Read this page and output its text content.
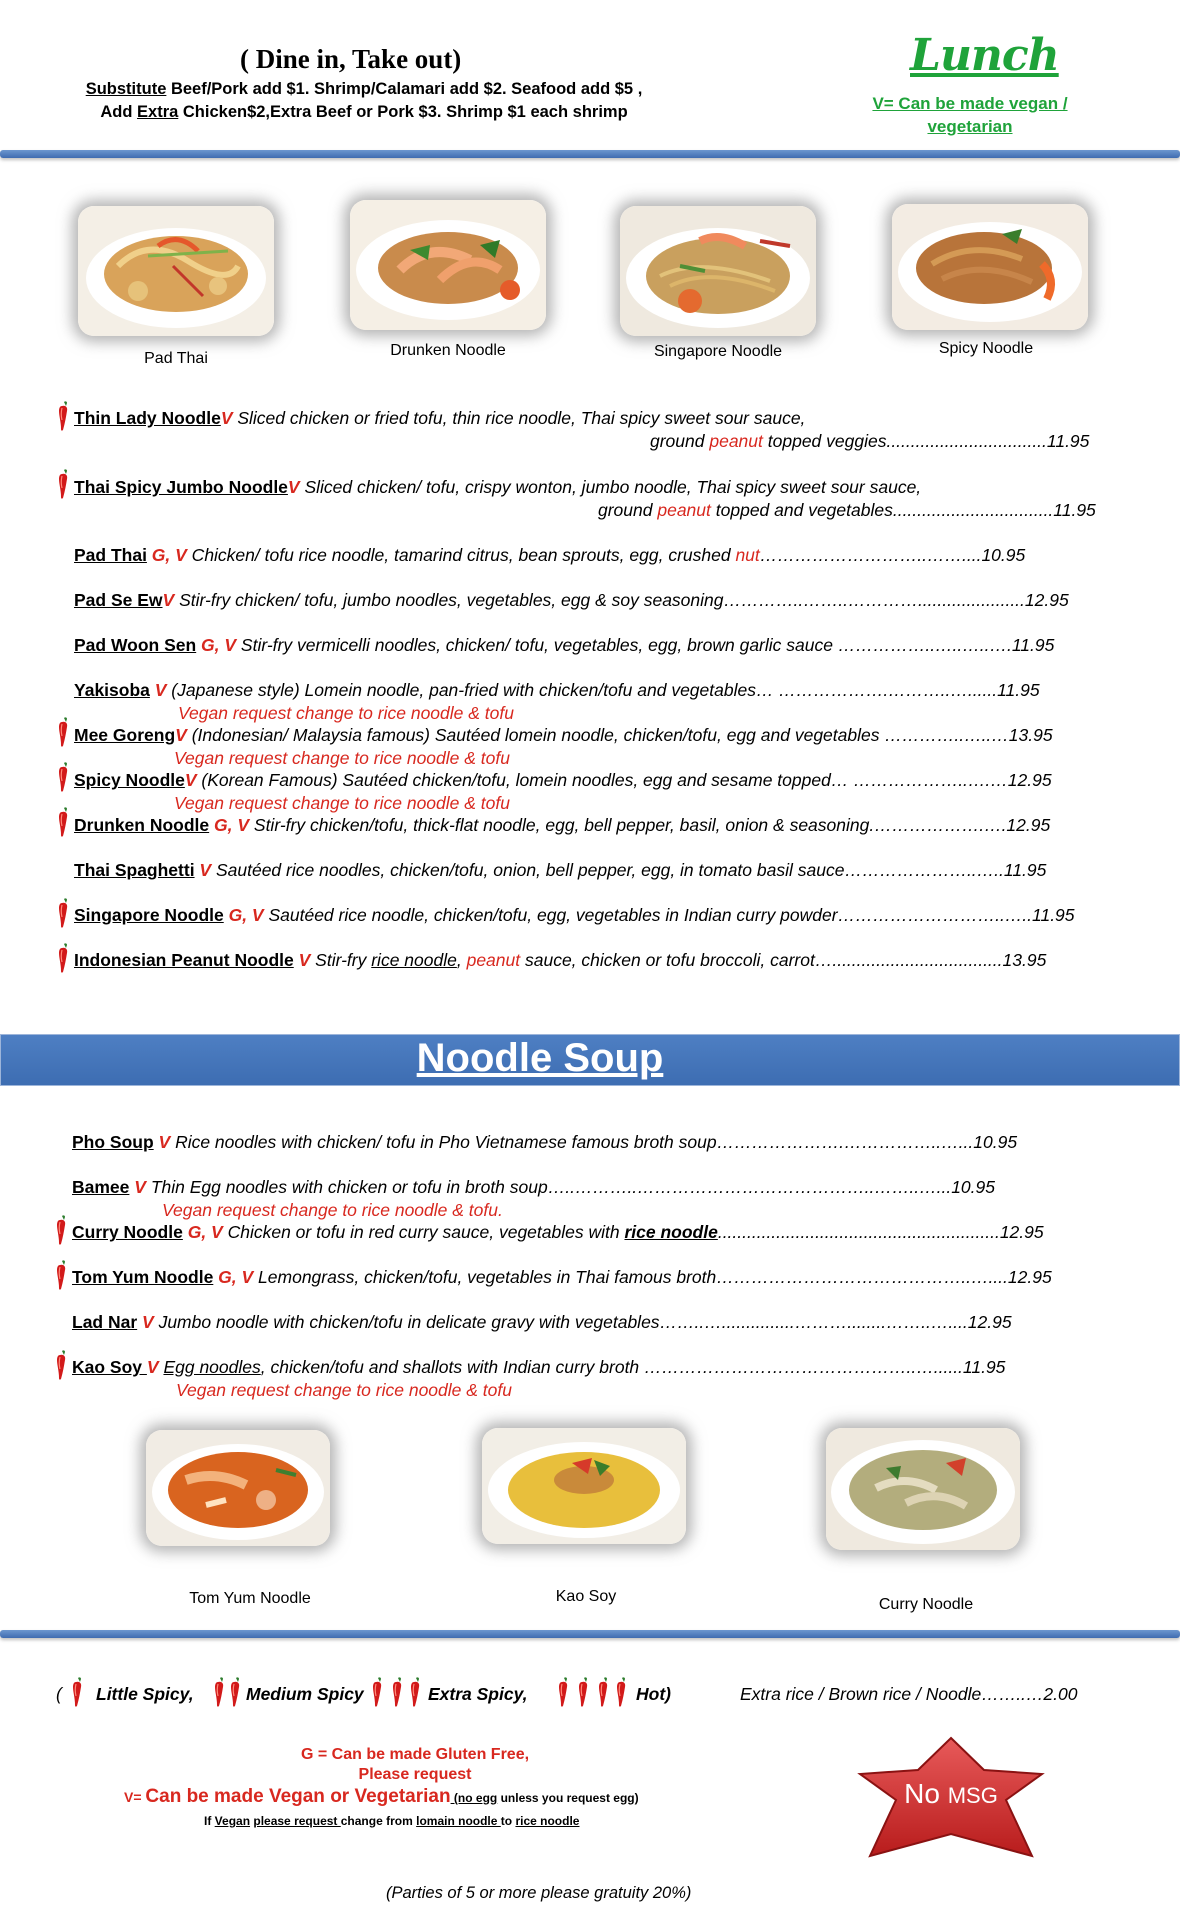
( Dine in, Take out)
Substitute Beef/Pork add $1. Shrimp/Calamari add $2. Seafood add $5 ,
Add Extra Chicken$2,Extra Beef or Pork $3. Shrimp $1 each shrimp
Lunch
V= Can be made vegan / vegetarian
Pad Thai	Drunken Noodle	Singapore Noodle	Spicy Noodle
Thin Lady NoodleV Sliced chicken or fried tofu, thin rice noodle, Thai spicy sweet sour sauce,
ground peanut topped veggies.................................11.95
Thai Spicy Jumbo NoodleV Sliced chicken/ tofu, crispy wonton, jumbo noodle, Thai spicy sweet sour sauce,
ground peanut topped and vegetables.................................11.95
Pad Thai G, V Chicken/ tofu rice noodle, tamarind citrus, bean sprouts, egg, crushed nut………………………..……....10.95
Pad Se EwV Stir-fry chicken/ tofu, jumbo noodles, vegetables, egg & soy seasoning…………..……..…………......................12.95
Pad Woon Sen G, V Stir-fry vermicelli noodles, chicken/ tofu, vegetables, egg, brown garlic sauce ……………..…..…..….11.95
Yakisoba V (Japanese style) Lomein noodle, pan-fried with chicken/tofu and vegetables… ……………….………..…......11.95
Vegan request change to rice noodle & tofu
Mee GorengV (Indonesian/ Malaysia famous) Sautéed lomein noodle, chicken/tofu, egg and vegetables …………..…..…13.95
Vegan request change to rice noodle & tofu
Spicy NoodleV (Korean Famous) Sautéed chicken/tofu, lomein noodles, egg and sesame topped… ………………..….…12.95
Vegan request change to rice noodle & tofu
Drunken Noodle G, V Stir-fry chicken/tofu, thick-flat noodle, egg, bell pepper, basil, onion & seasoning.……………….….12.95
Thai Spaghetti V Sautéed rice noodles, chicken/tofu, onion, bell pepper, egg, in tomato basil sauce…………………..…..11.95
Singapore Noodle G, V Sautéed rice noodle, chicken/tofu, egg, vegetables in Indian curry powder………………………..…..11.95
Indonesian Peanut Noodle V Stir-fry rice noodle, peanut sauce, chicken or tofu broccoli, carrot…...................................13.95
Noodle Soup
Pho Soup V Rice noodles with chicken/ tofu in Pho Vietnamese famous broth soup………………….……………..…...10.95
Bamee V Thin Egg noodles with chicken or tofu in broth soup…..………..…………………………………..……..…...10.95
Vegan request change to rice noodle & tofu.
Curry Noodle G, V Chicken or tofu in red curry sauce, vegetables with rice noodle..........................................................12.95
Tom Yum Noodle G, V Lemongrass, chicken/tofu, vegetables in Thai famous broth……………………………………..…....12.95
Lad Nar V Jumbo noodle with chicken/tofu in delicate gravy with vegetables……..…...............………........……..…....12.95
Kao Soy V Egg noodles, chicken/tofu and shallots with Indian curry broth ………………………………………..…......11.95
Vegan request change to rice noodle & tofu
Tom Yum Noodle	Kao Soy	Curry Noodle
( Little Spicy,	Medium Spicy	Extra Spicy,	Hot)	Extra rice / Brown rice / Noodle……..…2.00
G = Can be made Gluten Free,
Please request
V= Can be made Vegan or Vegetarian (no egg unless you request egg)
If Vegan please request change from lomain noodle to rice noodle
No MSG
(Parties of 5 or more please gratuity 20%)
